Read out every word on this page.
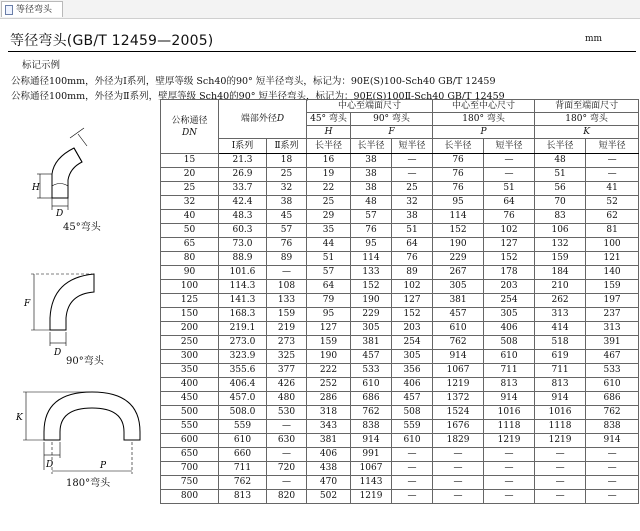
等径弯头
等径弯头(GB/T 12459—2005)	mm
标记示例
公称通径100mm，外径为Ⅰ系列，壁厚等级 Sch40的90° 短半径弯头，标记为：90E(S)100-Sch40 GB/T 12459
公称通径100mm，外径为Ⅱ系列，壁厚等级 Sch40的90° 短半径弯头，标记为：90E(S)100Ⅱ-Sch40 GB/T 12459
H
D
45°弯头
F
D
90°弯头
K
D	P
180°弯头
公称通径
DN	端部外径D		中心至端面尺寸			中心至中心尺寸		背面至端面尺寸	
			45° 弯头	90° 弯头		180° 弯头		180° 弯头	
			H	F		P		K	
	Ⅰ系列	Ⅱ系列	长半径	长半径	短半径	长半径	短半径	长半径	短半径
15	21.3	18	16	38	—	76	—	48	—
20	26.9	25	19	38	—	76	—	51	—
25	33.7	32	22	38	25	76	51	56	41
32	42.4	38	25	48	32	95	64	70	52
40	48.3	45	29	57	38	114	76	83	62
50	60.3	57	35	76	51	152	102	106	81
65	73.0	76	44	95	64	190	127	132	100
80	88.9	89	51	114	76	229	152	159	121
90	101.6	—	57	133	89	267	178	184	140
100	114.3	108	64	152	102	305	203	210	159
125	141.3	133	79	190	127	381	254	262	197
150	168.3	159	95	229	152	457	305	313	237
200	219.1	219	127	305	203	610	406	414	313
250	273.0	273	159	381	254	762	508	518	391
300	323.9	325	190	457	305	914	610	619	467
350	355.6	377	222	533	356	1067	711	711	533
400	406.4	426	252	610	406	1219	813	813	610
450	457.0	480	286	686	457	1372	914	914	686
500	508.0	530	318	762	508	1524	1016	1016	762
550	559	—	343	838	559	1676	1118	1118	838
600	610	630	381	914	610	1829	1219	1219	914
650	660	—	406	991	—	—	—	—	—
700	711	720	438	1067	—	—	—	—	—
750	762	—	470	1143	—	—	—	—	—
800	813	820	502	1219	—	—	—	—	—
